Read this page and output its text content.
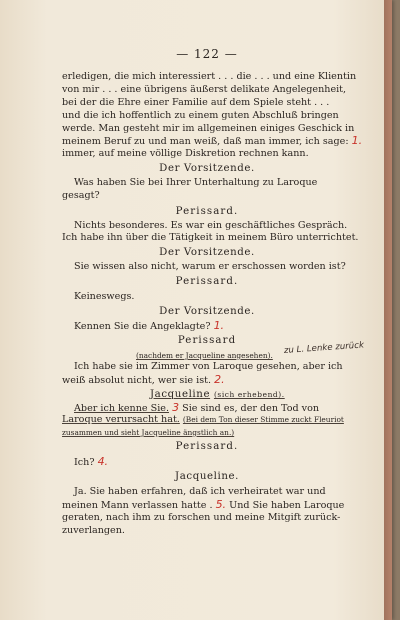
— 122 —
erledigen, die mich interessiert . . . die . . . und eine Klientin
von mir . . . eine übrigens äußerst delikate Angelegenheit,
bei der die Ehre einer Familie auf dem Spiele steht . . .
und die ich hoffentlich zu einem guten Abschluß bringen
werde. Man gesteht mir im allgemeinen einiges Geschick in
meinem Beruf zu und man weiß, daß man immer, ich sage: 1.
immer, auf meine völlige Diskretion rechnen kann.
Der Vorsitzende.
Was haben Sie bei Ihrer Unterhaltung zu Laroque
gesagt?
Perissard.
Nichts besonderes. Es war ein geschäftliches Gespräch.
Ich habe ihn über die Tätigkeit in meinem Büro unterrichtet.
Der Vorsitzende.
Sie wissen also nicht, warum er erschossen worden ist?
Perissard.
Keineswegs.
Der Vorsitzende.
Kennen Sie die Angeklagte? 1.
Perissard
(nachdem er Jacqueline angesehen). zu L. Lenke zurück
Ich habe sie im Zimmer von Laroque gesehen, aber ich
weiß absolut nicht, wer sie ist. 2.
Jacqueline (sich erhebend).
Aber ich kenne Sie. 3 Sie sind es, der den Tod von
Laroque verursacht hat. (Bei dem Ton dieser Stimme zuckt Fleuriot
zusammen und sieht Jacqueline ängstlich an.)
Perissard.
Ich? 4.
Jacqueline.
Ja. Sie haben erfahren, daß ich verheiratet war und
meinen Mann verlassen hatte . 5. Und Sie haben Laroque
geraten, nach ihm zu forschen und meine Mitgift zurück-
zuverlangen.
